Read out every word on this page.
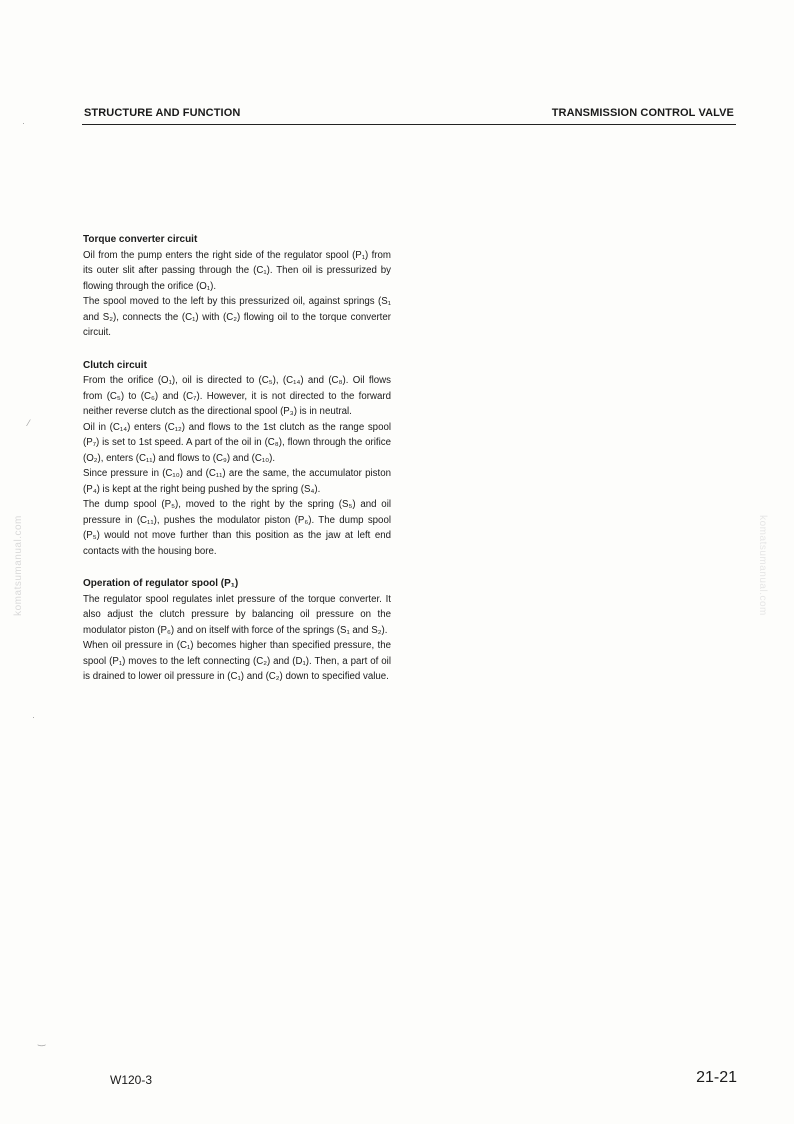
STRUCTURE AND FUNCTION	TRANSMISSION CONTROL VALVE

Torque converter circuit

Oil from the pump enters the right side of the regulator spool (P₁) from its outer slit after passing through the (C₁). Then oil is pressurized by flowing through the orifice (O₁).

The spool moved to the left by this pressurized oil, against springs (S₁ and S₂), connects the (C₁) with (C₂) flowing oil to the torque converter circuit.

Clutch circuit

From the orifice (O₁), oil is directed to (C₅), (C₁₄) and (C₈). Oil flows from (C₅) to (C₆) and (C₇). However, it is not directed to the forward neither reverse clutch as the directional spool (P₃) is in neutral.

Oil in (C₁₄) enters (C₁₂) and flows to the 1st clutch as the range spool (P₇) is set to 1st speed. A part of the oil in (C₈), flown through the orifice (O₂), enters (C₁₁) and flows to (C₉) and (C₁₀).

Since pressure in (C₁₀) and (C₁₁) are the same, the accumulator piston (P₄) is kept at the right being pushed by the spring (S₄).

The dump spool (P₅), moved to the right by the spring (S₅) and oil pressure in (C₁₁), pushes the modulator piston (P₆). The dump spool (P₅) would not move further than this position as the jaw at left end contacts with the housing bore.

Operation of regulator spool (P₁)

The regulator spool regulates inlet pressure of the torque converter. It also adjust the clutch pressure by balancing oil pressure on the modulator piston (P₆) and on itself with force of the springs (S₁ and S₂).

When oil pressure in (C₁) becomes higher than specified pressure, the spool (P₁) moves to the left connecting (C₂) and (D₁). Then, a part of oil is drained to lower oil pressure in (C₁) and (C₂) down to specified value.

komatsumanual.com	komatsumanual.com
·
⁄
·
‿
W120-3	21-21
